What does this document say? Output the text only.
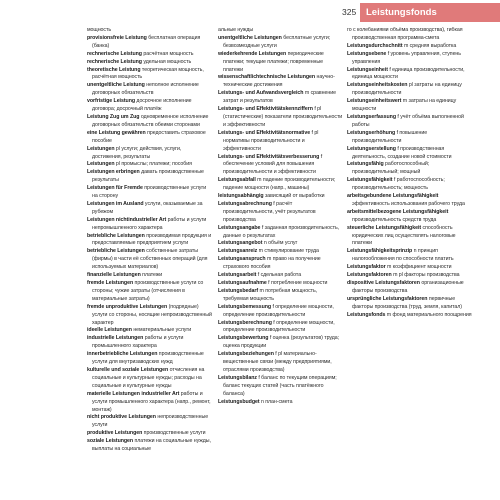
325	Leistungsfonds

мощность

provisionsfreie Leistung бесплатная операция (банка)

rechnerische Leistung расчётная мощность

rechnerische Leistung удельная мощность

theoretische Leistung теоретическая мощность, расчётная мощность

unentgeltliche Leistung неполное исполнение договорных обязательств

vorfristige Leistung досрочное исполнение договора; досрочный платёж

Leistung Zug um Zug одновременное исполнение договорных обязательств обеими сторонами

eine Leistung gewähren предоставить страховое пособие

Leistungen pl услуги; действия, услуги, достижения, результаты

Leistungen pl промыслы; платежи; пособия

Leistungen erbringen давать производственные результаты

Leistungen für Fremde производственные услуги на сторону

Leistungen im Ausland услуги, оказываемые за рубежом

Leistungen nichtindustrieller Art работы и услуги непромышленного характера

betriebliche Leistungen производимая продукция и предоставляемые предприятием услуги

betriebliche Leistungen собственные затраты (фирмы) в части её собственных операций (для используемых материалов)

finanzielle Leistungen платежи

fremde Leistungen производственные услуги со стороны; чужие затраты (отчисления в материальные затраты)

fremde unproduktive Leistungen (подрядные) услуги со стороны, носящие непроизводственный характер

ideelle Leistungen нематериальные услуги

industrielle Leistungen работы и услуги промышленного характера

innerbetriebliche Leistungen производственные услуги для внутризаводских нужд

kulturelle und soziale Leistungen отчисления на социальные и культурные нужды; расходы на социальные и культурные нужды

materielle Leistungen industrieller Art работы и услуги промышленного характера (напр., ремонт, монтаж)

nicht produktive Leistungen непроизводственные услуги

produktive Leistungen производственные услуги

soziale Leistungen платежи на социальные нужды, выплаты на социальные

альные нужды

unentgeltliche Leistungen бесплатные услуги; безвозмездные услуги

wiederkehrende Leistungen периодические платежи; текущие платежи; повременные платежи

wissenschaftlichtechnische Leistungen научно-технические достижения

Leistungs- und Aufwandsvergleich m сравнение затрат и результатов

Leistungs- und Effektivitätskennziffern f pl (статистические) показатели производительности и эффективности

Leistungs- und Effektivitätsnormative f pl нормативы производительности и эффективности

Leistungs- und Effektivitätsverbesserung f обеспечение условий для повышения производительности и эффективности

Leistungsabfall m падение производительности; падение мощности (напр., машины)

leistungsabhängig зависящий от выработки

Leistungsabrechnung f расчёт производительности, учёт результатов производства

Leistungsangabe f заданная производительность, данные о результатах

Leistungsangebot n объём услуг

Leistungsanreiz m стимулирование труда

Leistungsanspruch m право на получение страхового пособия

Leistungsarbeit f сдельная работа

Leistungsaufnahme f потребление мощности

Leistungsbedarf m потребная мощность, требуемая мощность

Leistungsbemessung f определение мощности, определение производительности

Leistungsberechnung f определение мощности, определение производительности

Leistungsbewertung f оценка (результатов) труда; оценка продукции

Leistungsbeziehungen f pl материально-вещественные связи (между предприятиями, отраслями производства)

Leistungsbilanz f баланс по текущим операциям; баланс текущих статей (часть платёжного баланса)

Leistungsbudget n план-смета

го с колебаниями объёма производства), гибкая производственная программа-смета

Leistungsdurchschnitt m средняя выработка

Leistungsebene f уровень управления, ступень управления

Leistungseinheit f единица производительности, единица мощности

Leistungseinheitskosten pl затраты на единицу производительности

Leistungseinheitswert m затраты на единицу мощности

Leistungserfassung f учёт объёма выполненной работы

Leistungserhöhung f повышение производительности

Leistungserstellung f производственная деятельность, создание новой стоимости

Leistungsfähig работоспособный; производительный; мощный

Leistungsfähigkeit f работоспособность; производительность; мощность

arbeitsgebundene Leistungsfähigkeit эффективность использования рабочего труда

arbeitsmittelbezogene Leistungsfähigkeit производительность средств труда

steuerliche Leistungsfähigkeit способность юридических лиц осуществлять налоговые платежи

Leistungsfähigkeitsprinzip n принцип налогообложения по способности платить

Leistungsfaktor m коэффициент мощности

Leistungsfaktoren m pl факторы производства

dispositive Leistungsfaktoren организационные факторы производства

ursprüngliche Leistungsfaktoren первичные факторы производства (труд, земля, капитал)

Leistungsfonds m фонд материального поощрения
